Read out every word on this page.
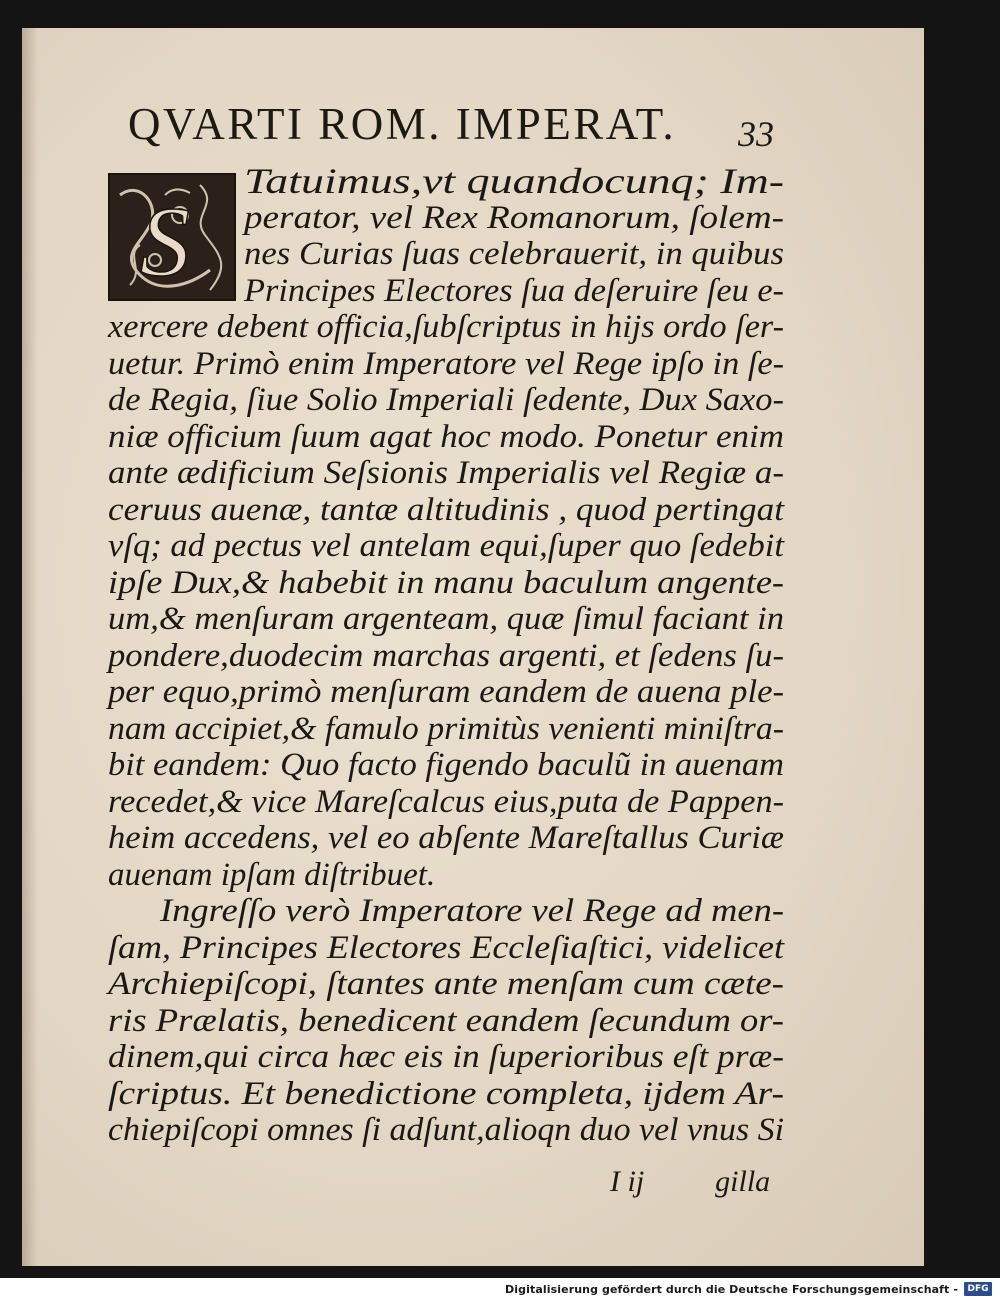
QVARTI ROM. IMPERAT. 33
S
Tatuimus,vt quandocunq; Im-
perator, vel Rex Romanorum, ſolem-
nes Curias ſuas celebrauerit, in quibus
Principes Electores ſua deſeruire ſeu e-
xercere debent officia,ſubſcriptus in hijs ordo ſer-
uetur. Primò enim Imperatore vel Rege ipſo in ſe-
de Regia, ſiue Solio Imperiali ſedente, Dux Saxo-
niæ officium ſuum agat hoc modo. Ponetur enim
ante ædificium Seſsionis Imperialis vel Regiæ a-
ceruus auenæ, tantæ altitudinis , quod pertingat
vſq; ad pectus vel antelam equi,ſuper quo ſedebit
ipſe Dux,& habebit in manu baculum angente-
um,& menſuram argenteam, quæ ſimul faciant in
pondere,duodecim marchas argenti, et ſedens ſu-
per equo,primò menſuram eandem de auena ple-
nam accipiet,& famulo primitùs venienti miniſtra-
bit eandem: Quo facto figendo baculũ in auenam
recedet,& vice Mareſcalcus eius,puta de Pappen-
heim accedens, vel eo abſente Mareſtallus Curiæ
auenam ipſam diſtribuet.
Ingreſſo verò Imperatore vel Rege ad men-
ſam, Principes Electores Eccleſiaſtici, videlicet
Archiepiſcopi, ſtantes ante menſam cum cæte-
ris Prælatis, benedicent eandem ſecundum or-
dinem,qui circa hæc eis in ſuperioribus eſt præ-
ſcriptus. Et benedictione completa, ijdem Ar-
chiepiſcopi omnes ſi adſunt,alioqn duo vel vnus Si
I ij gilla
Digitalisierung gefördert durch die Deutsche Forschungsgemeinschaft -	DFG
